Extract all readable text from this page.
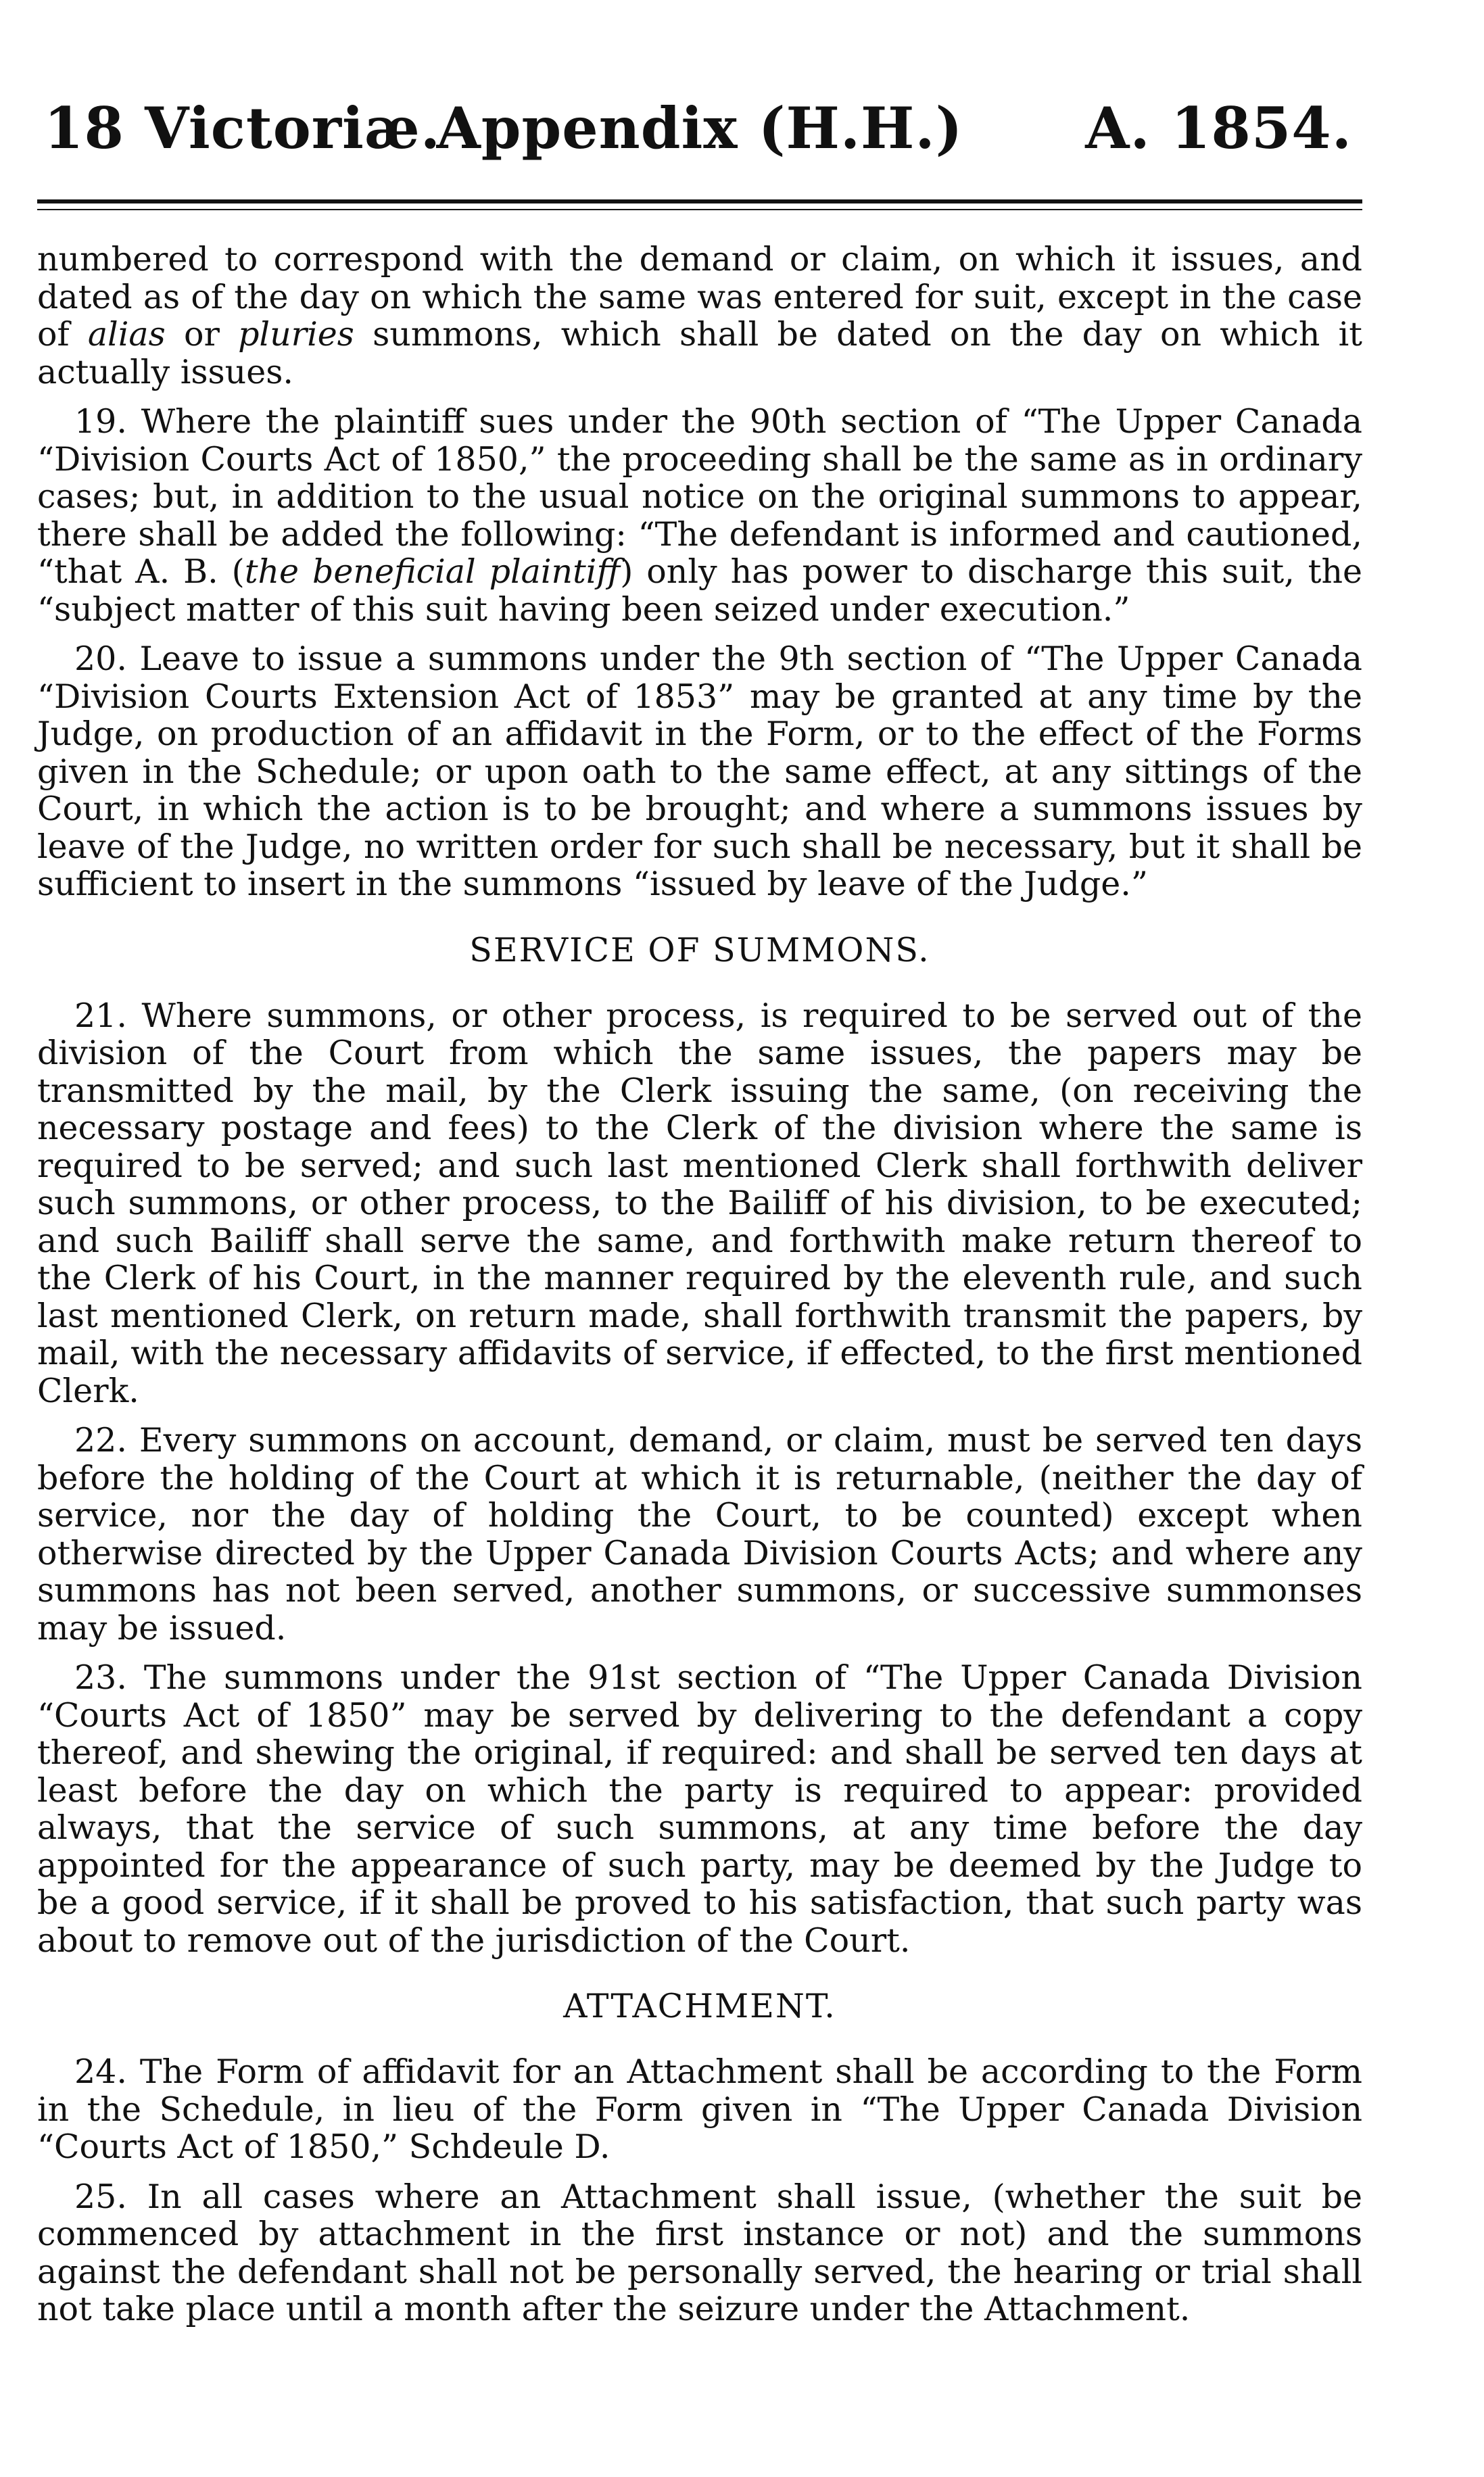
18 Victoriæ.
Appendix (H.H.)	A. 1854.

numbered to correspond with the demand or claim, on which it issues, and dated as of the day on which the same was entered for suit, except in the case of alias or pluries summons, which shall be dated on the day on which it actually issues.

19. Where the plaintiff sues under the 90th section of “The Upper Canada “Division Courts Act of 1850,” the proceeding shall be the same as in ordinary cases; but, in addition to the usual notice on the original summons to appear, there shall be added the following: “The defendant is informed and cautioned, “that A. B. (the beneficial plaintiff) only has power to discharge this suit, the “subject matter of this suit having been seized under execution.”

20. Leave to issue a summons under the 9th section of “The Upper Canada “Division Courts Extension Act of 1853” may be granted at any time by the Judge, on production of an affidavit in the Form, or to the effect of the Forms given in the Schedule; or upon oath to the same effect, at any sittings of the Court, in which the action is to be brought; and where a summons issues by leave of the Judge, no written order for such shall be necessary, but it shall be sufficient to insert in the summons “issued by leave of the Judge.”

SERVICE OF SUMMONS.

21. Where summons, or other process, is required to be served out of the division of the Court from which the same issues, the papers may be transmitted by the mail, by the Clerk issuing the same, (on receiving the necessary postage and fees) to the Clerk of the division where the same is required to be served; and such last mentioned Clerk shall forthwith deliver such summons, or other process, to the Bailiff of his division, to be executed; and such Bailiff shall serve the same, and forthwith make return thereof to the Clerk of his Court, in the manner required by the eleventh rule, and such last mentioned Clerk, on return made, shall forthwith transmit the papers, by mail, with the necessary affidavits of service, if effected, to the first mentioned Clerk.

22. Every summons on account, demand, or claim, must be served ten days before the holding of the Court at which it is returnable, (neither the day of service, nor the day of holding the Court, to be counted) except when otherwise directed by the Upper Canada Division Courts Acts; and where any summons has not been served, another summons, or successive summonses may be issued.

23. The summons under the 91st section of “The Upper Canada Division “Courts Act of 1850” may be served by delivering to the defendant a copy thereof, and shewing the original, if required: and shall be served ten days at least before the day on which the party is required to appear: provided always, that the service of such summons, at any time before the day appointed for the appearance of such party, may be deemed by the Judge to be a good service, if it shall be proved to his satisfaction, that such party was about to remove out of the jurisdiction of the Court.

ATTACHMENT.

24. The Form of affidavit for an Attachment shall be according to the Form in the Schedule, in lieu of the Form given in “The Upper Canada Division “Courts Act of 1850,” Schdeule D.

25. In all cases where an Attachment shall issue, (whether the suit be commenced by attachment in the first instance or not) and the summons against the defendant shall not be personally served, the hearing or trial shall not take place until a month after the seizure under the Attachment.
